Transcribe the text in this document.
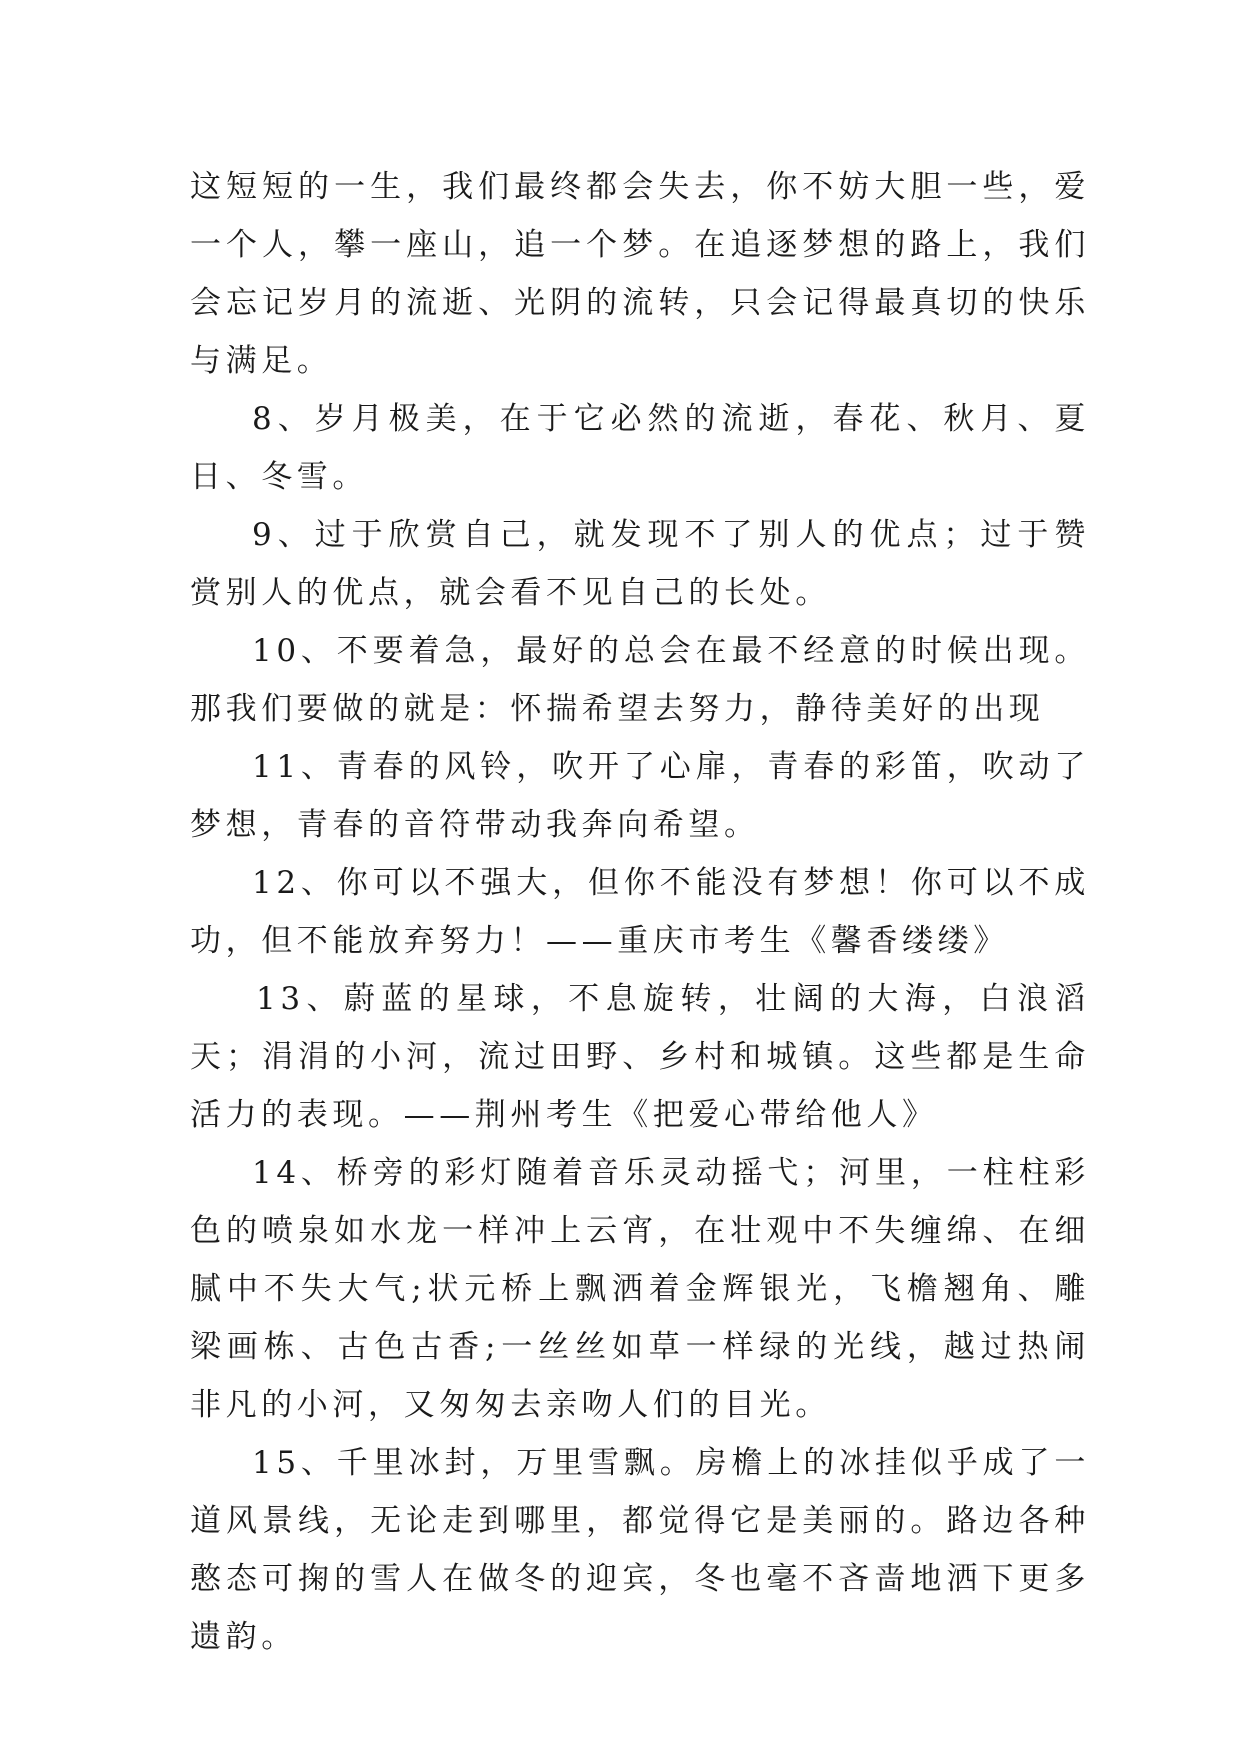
这短短的一生，我们最终都会失去，你不妨大胆一些，爱一个人，攀一座山，追一个梦。在追逐梦想的路上，我们会忘记岁月的流逝、光阴的流转，只会记得最真切的快乐与满足。

8、岁月极美，在于它必然的流逝，春花、秋月、夏日、冬雪。

9、过于欣赏自己，就发现不了别人的优点；过于赞赏别人的优点，就会看不见自己的长处。

10、不要着急，最好的总会在最不经意的时候出现。那我们要做的就是：怀揣希望去努力，静待美好的出现

11、青春的风铃，吹开了心扉，青春的彩笛，吹动了梦想，青春的音符带动我奔向希望。

12、你可以不强大，但你不能没有梦想！你可以不成功，但不能放弃努力！——重庆市考生《馨香缕缕》

13、蔚蓝的星球，不息旋转，壮阔的大海，白浪滔天；涓涓的小河，流过田野、乡村和城镇。这些都是生命活力的表现。——荆州考生《把爱心带给他人》

14、桥旁的彩灯随着音乐灵动摇弋；河里，一柱柱彩色的喷泉如水龙一样冲上云宵，在壮观中不失缠绵、在细腻中不失大气;状元桥上飘洒着金辉银光，飞檐翘角、雕梁画栋、古色古香;一丝丝如草一样绿的光线，越过热闹非凡的小河，又匆匆去亲吻人们的目光。

15、千里冰封，万里雪飘。房檐上的冰挂似乎成了一道风景线，无论走到哪里，都觉得它是美丽的。路边各种憨态可掬的雪人在做冬的迎宾，冬也毫不吝啬地洒下更多遗韵。
